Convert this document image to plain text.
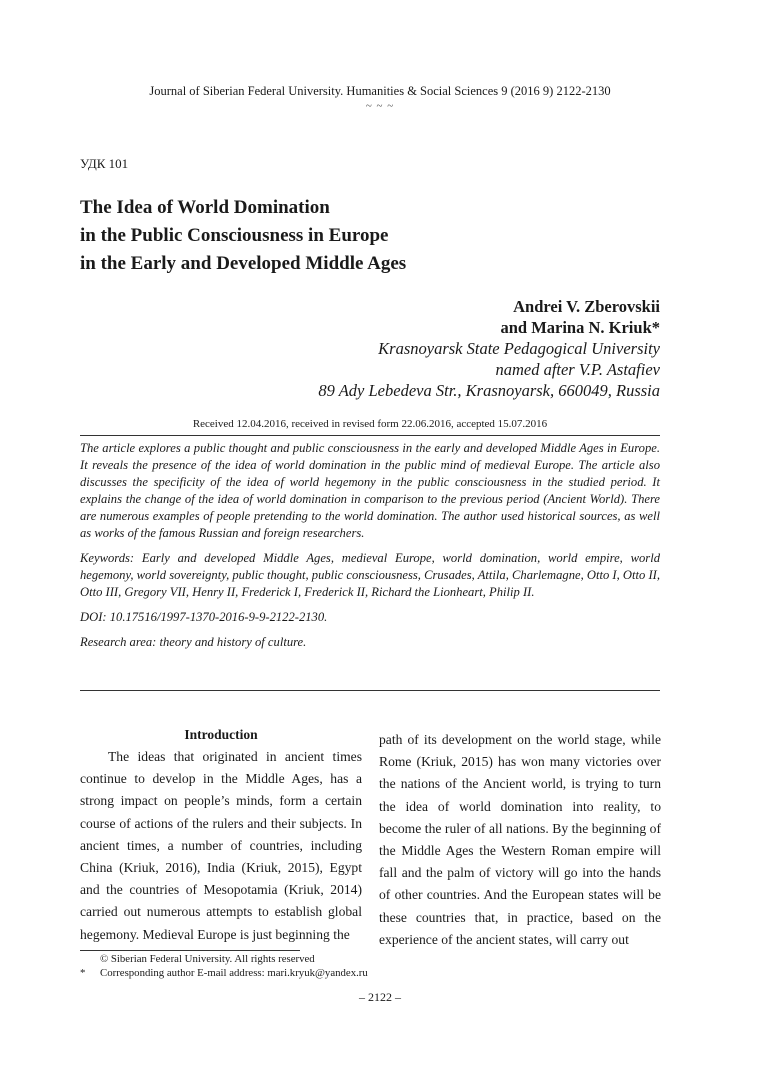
Journal of Siberian Federal University. Humanities & Social Sciences 9 (2016 9) 2122-2130
~ ~ ~
УДК 101
The Idea of World Domination
in the Public Consciousness in Europe
in the Early and Developed Middle Ages
Andrei V. Zberovskii
and Marina N. Kriuk*
Krasnoyarsk State Pedagogical University
named after V.P. Astafiev
89 Ady Lebedeva Str., Krasnoyarsk, 660049, Russia
Received 12.04.2016, received in revised form 22.06.2016, accepted 15.07.2016

The article explores a public thought and public consciousness in the early and developed Middle Ages in Europe. It reveals the presence of the idea of world domination in the public mind of medieval Europe. The article also discusses the specificity of the idea of world hegemony in the public consciousness in the studied period. It explains the change of the idea of world domination in comparison to the previous period (Ancient World). There are numerous examples of people pretending to the world domination. The author used historical sources, as well as works of the famous Russian and foreign researchers.

Keywords: Early and developed Middle Ages, medieval Europe, world domination, world empire, world hegemony, world sovereignty, public thought, public consciousness, Crusades, Attila, Charlemagne, Otto I, Otto II, Otto III, Gregory VII, Henry II, Frederick I, Frederick II, Richard the Lionheart, Philip II.

DOI: 10.17516/1997-1370-2016-9-9-2122-2130.

Research area: theory and history of culture.

Introduction

The ideas that originated in ancient times continue to develop in the Middle Ages, has a strong impact on people’s minds, form a certain course of actions of the rulers and their subjects. In ancient times, a number of countries, including China (Kriuk, 2016), India (Kriuk, 2015), Egypt and the countries of Mesopotamia (Kriuk, 2014) carried out numerous attempts to establish global hegemony. Medieval Europe is just beginning the

path of its development on the world stage, while Rome (Kriuk, 2015) has won many victories over the nations of the Ancient world, is trying to turn the idea of world domination into reality, to become the ruler of all nations. By the beginning of the Middle Ages the Western Roman empire will fall and the palm of victory will go into the hands of other countries. And the European states will be these countries that, in practice, based on the experience of the ancient states, will carry out

© Siberian Federal University. All rights reserved
*	Corresponding author E-mail address: mari.kryuk@yandex.ru
– 2122 –
